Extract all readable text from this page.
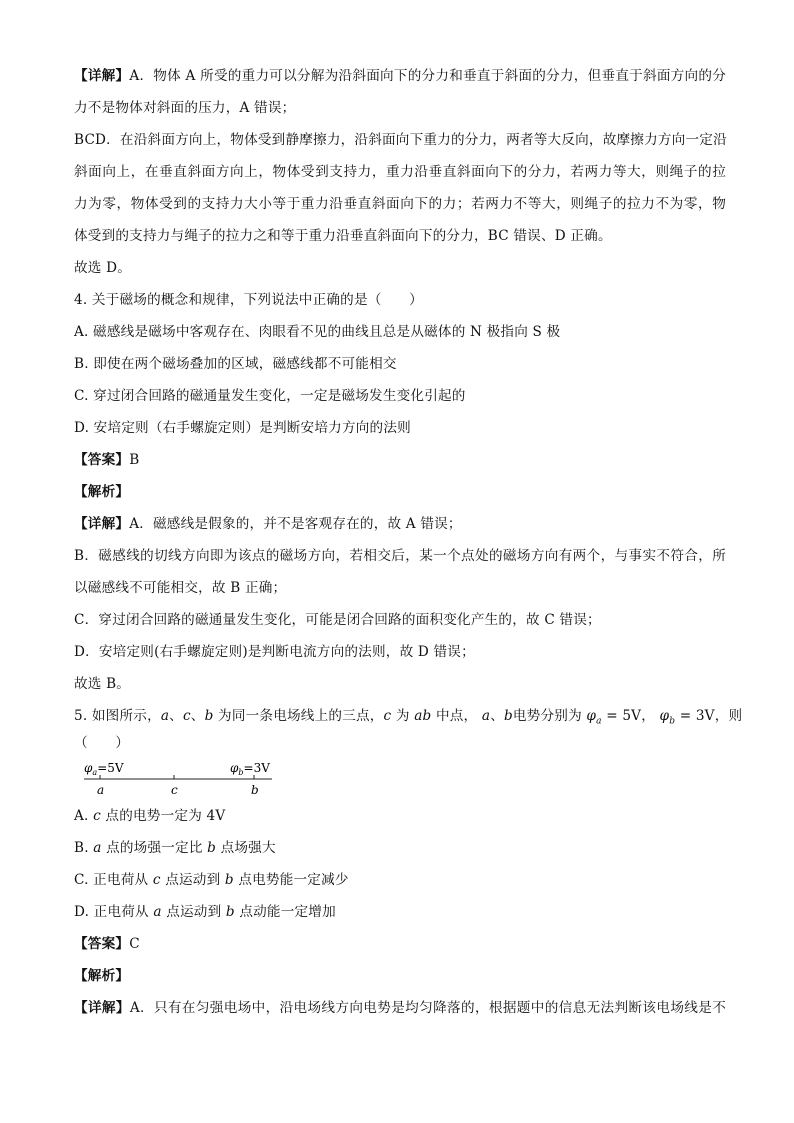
【详解】A．物体 A 所受的重力可以分解为沿斜面向下的分力和垂直于斜面的分力，但垂直于斜面方向的分
力不是物体对斜面的压力，A 错误；
BCD．在沿斜面方向上，物体受到静摩擦力，沿斜面向下重力的分力，两者等大反向，故摩擦力方向一定沿
斜面向上，在垂直斜面方向上，物体受到支持力，重力沿垂直斜面向下的分力，若两力等大，则绳子的拉
力为零，物体受到的支持力大小等于重力沿垂直斜面向下的力；若两力不等大，则绳子的拉力不为零，物
体受到的支持力与绳子的拉力之和等于重力沿垂直斜面向下的分力，BC 错误、D 正确。
故选 D。
4. 关于磁场的概念和规律，下列说法中正确的是（　　）
A. 磁感线是磁场中客观存在、肉眼看不见的曲线且总是从磁体的 N 极指向 S 极
B. 即使在两个磁场叠加的区域，磁感线都不可能相交
C. 穿过闭合回路的磁通量发生变化，一定是磁场发生变化引起的
D. 安培定则（右手螺旋定则）是判断安培力方向的法则
【答案】B
【解析】
【详解】A．磁感线是假象的，并不是客观存在的，故 A 错误；
B．磁感线的切线方向即为该点的磁场方向，若相交后，某一个点处的磁场方向有两个，与事实不符合，所
以磁感线不可能相交，故 B 正确；
C．穿过闭合回路的磁通量发生变化，可能是闭合回路的面积变化产生的，故 C 错误；
D．安培定则(右手螺旋定则)是判断电流方向的法则，故 D 错误；
故选 B。
5. 如图所示，a、c、b 为同一条电场线上的三点，c 为 ab 中点， a、b电势分别为 $\varphi_a = 5V$， $\varphi_b = 3V$，则
（　　）
$\varphi_a=5V$	$\varphi_b=3V$
a	c	b
A. c 点的电势一定为 4V
B. a 点的场强一定比 b 点场强大
C. 正电荷从 c 点运动到 b 点电势能一定减少
D. 正电荷从 a 点运动到 b 点动能一定增加
【答案】C
【解析】
【详解】A．只有在匀强电场中，沿电场线方向电势是均匀降落的，根据题中的信息无法判断该电场线是不
